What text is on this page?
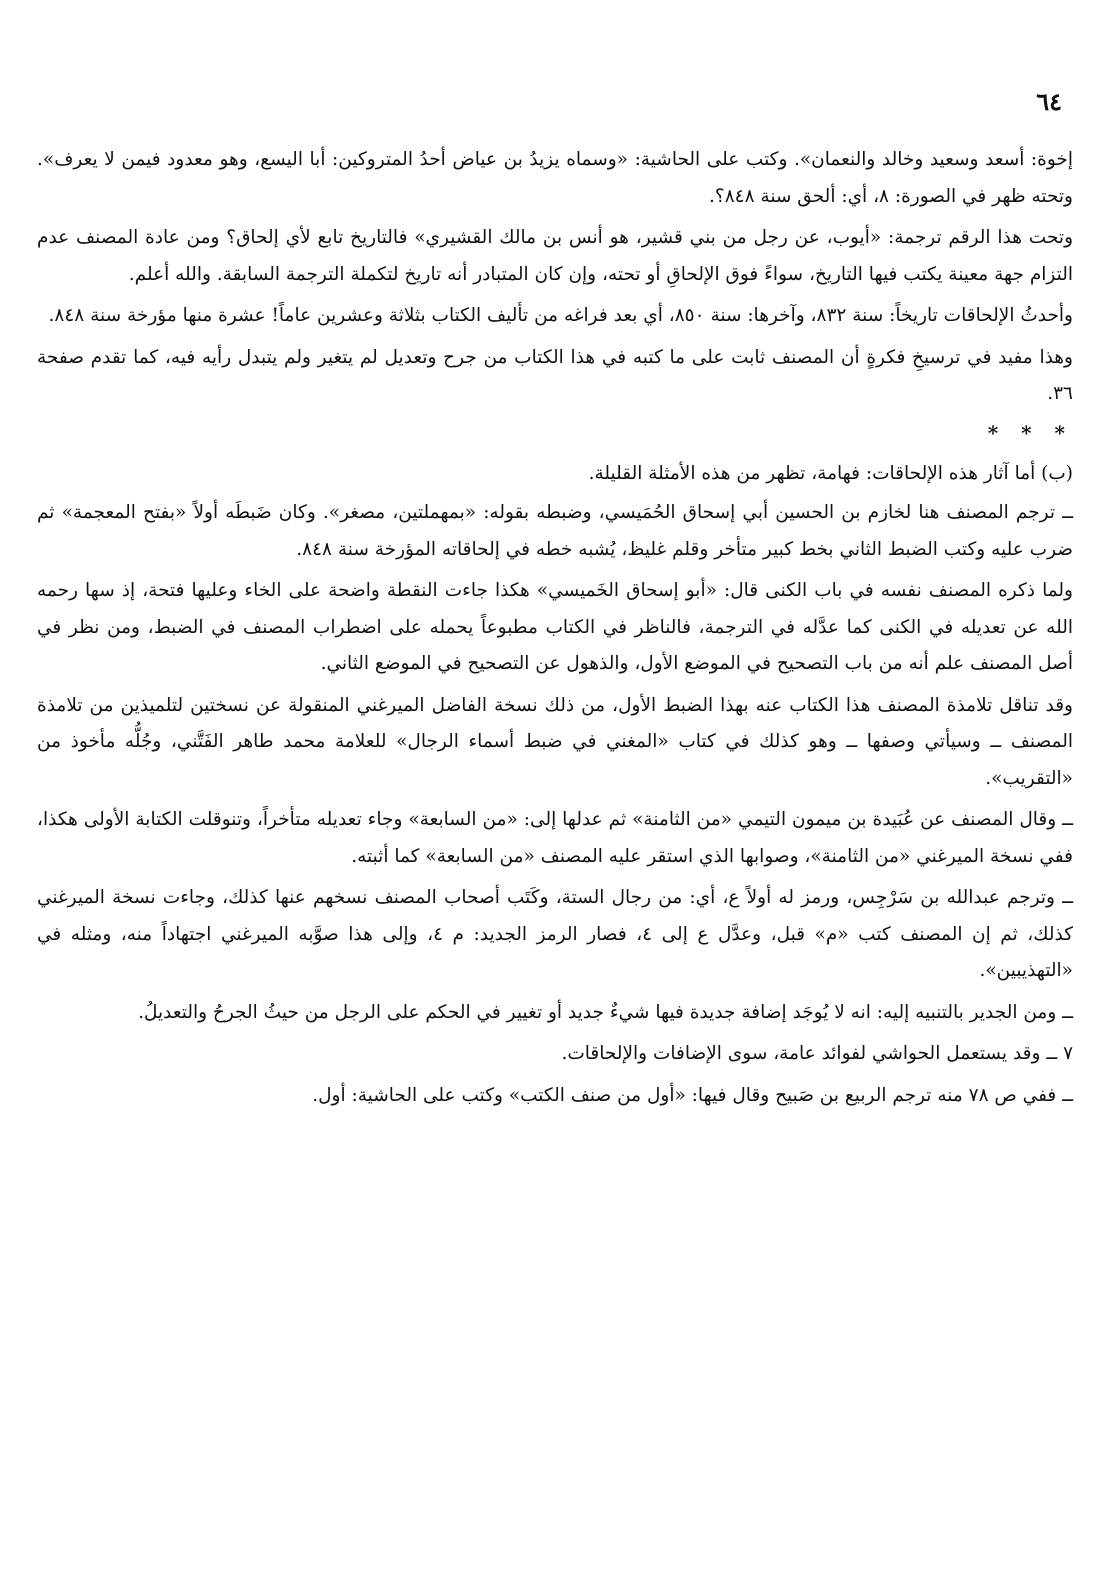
٦٤

إخوة: أسعد وسعيد وخالد والنعمان». وكتب على الحاشية: «وسماه يزيدُ بن عياض أحدُ المتروكين: أبا اليسع، وهو معدود فيمن لا يعرف». وتحته ظهر في الصورة: ٨، أي: ألحق سنة ٨٤٨؟.

وتحت هذا الرقم ترجمة: «أيوب، عن رجل من بني قشير، هو أنس بن مالك القشيري» فالتاريخ تابع لأي إلحاق؟ ومن عادة المصنف عدم التزام جهة معينة يكتب فيها التاريخ، سواءً فوق الإلحاقِ أو تحته، وإن كان المتبادر أنه تاريخ لتكملة الترجمة السابقة. والله أعلم.

وأحدثُ الإلحاقات تاريخاً: سنة ٨٣٢، وآخرها: سنة ٨٥٠، أي بعد فراغه من تأليف الكتاب بثلاثة وعشرين عاماً! عشرة منها مؤرخة سنة ٨٤٨.

وهذا مفيد في ترسيخِ فكرةٍ أن المصنف ثابت على ما كتبه في هذا الكتاب من جرح وتعديل لم يتغير ولم يتبدل رأيه فيه، كما تقدم صفحة ٣٦.

* * *

(ب) أما آثار هذه الإلحاقات: فهامة، تظهر من هذه الأمثلة القليلة.

ــ ترجم المصنف هنا لخازم بن الحسين أبي إسحاق الحُمَيسي، وضبطه بقوله: «بمهملتين، مصغر». وكان ضَبطَه أولاً «بفتح المعجمة» ثم ضرب عليه وكتب الضبط الثاني بخط كبير متأخر وقلم غليظ، يُشبه خطه في إلحاقاته المؤرخة سنة ٨٤٨.

ولما ذكره المصنف نفسه في باب الكنى قال: «أبو إسحاق الخَميسي» هكذا جاءت النقطة واضحة على الخاء وعليها فتحة، إذ سها رحمه الله عن تعديله في الكنى كما عدَّله في الترجمة، فالناظر في الكتاب مطبوعاً يحمله على اضطراب المصنف في الضبط، ومن نظر في أصل المصنف علم أنه من باب التصحيح في الموضع الأول، والذهول عن التصحيح في الموضع الثاني.

وقد تناقل تلامذة المصنف هذا الكتاب عنه بهذا الضبط الأول، من ذلك نسخة الفاضل الميرغني المنقولة عن نسختين لتلميذين من تلامذة المصنف ــ وسيأتي وصفها ــ وهو كذلك في كتاب «المغني في ضبط أسماء الرجال» للعلامة محمد طاهر الفَتَّني، وجُلُّه مأخوذ من «التقريب».

ــ وقال المصنف عن عُبَيدة بن ميمون التيمي «من الثامنة» ثم عدلها إلى: «من السابعة» وجاء تعديله متأخراً، وتنوقلت الكتابة الأولى هكذا، ففي نسخة الميرغني «من الثامنة»، وصوابها الذي استقر عليه المصنف «من السابعة» كما أثبته.

ــ وترجم عبدالله بن سَرْجِس، ورمز له أولاً ع، أي: من رجال الستة، وكَتَب أصحاب المصنف نسخهم عنها كذلك، وجاءت نسخة الميرغني كذلك، ثم إن المصنف كتب «م» قبل، وعدَّل ع إلى ٤، فصار الرمز الجديد: م ٤، وإلى هذا صوَّبه الميرغني اجتهاداً منه، ومثله في «التهذيبين».

ــ ومن الجدير بالتنبيه إليه: انه لا يُوجَد إضافة جديدة فيها شيءٌ جديد أو تغيير في الحكم على الرجل من حيثُ الجرحُ والتعديلُ.

٧ ــ وقد يستعمل الحواشي لفوائد عامة، سوى الإضافات والإلحاقات.

ــ ففي ص ٧٨ منه ترجم الربيع بن صَبيح وقال فيها: «أول من صنف الكتب» وكتب على الحاشية: أول.
